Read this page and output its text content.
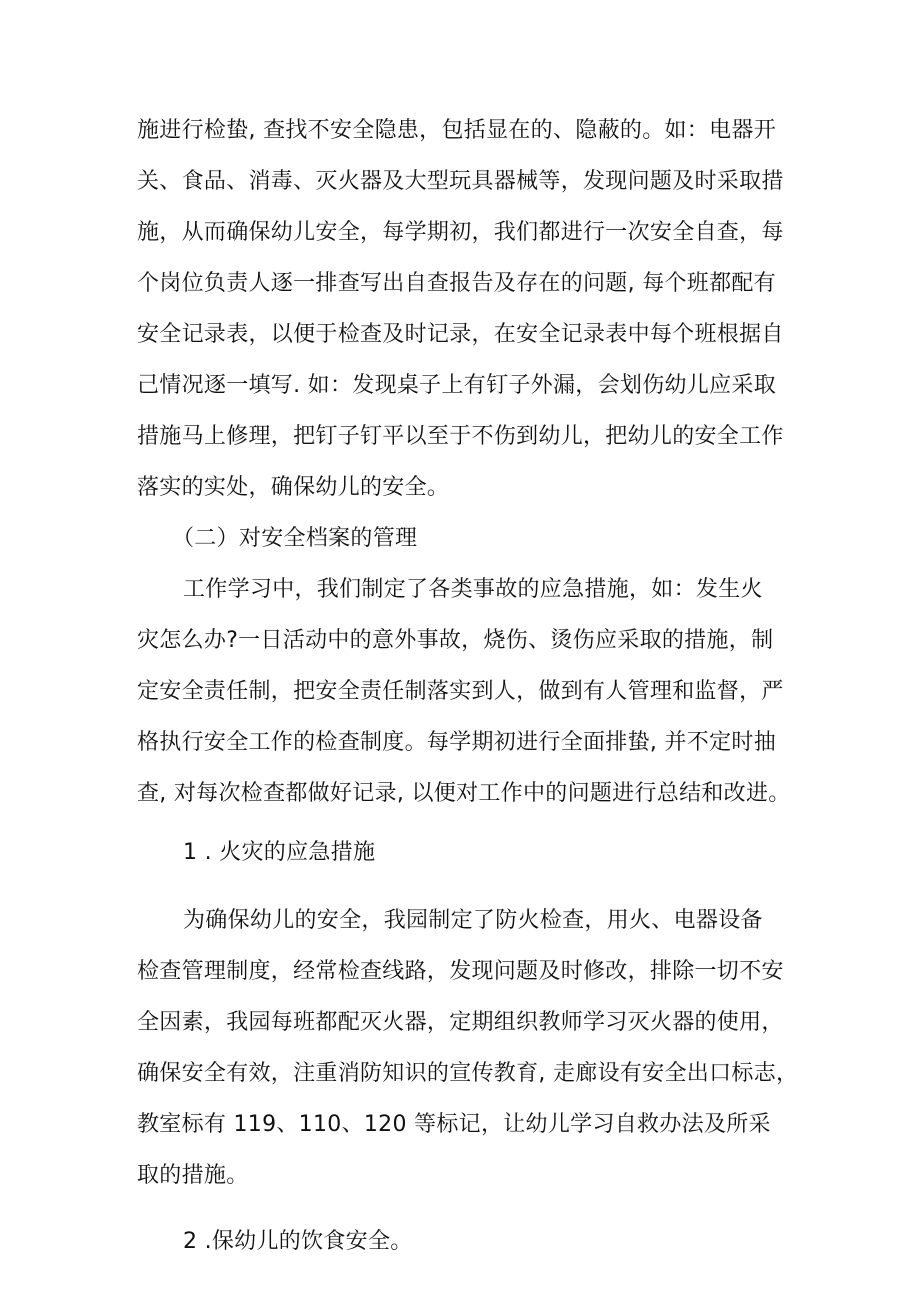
施进行检蛰, 查找不安全隐患，包括显在的、隐蔽的。如：电器开
关、食品、消毒、灭火器及大型玩具器械等，发现问题及时采取措
施，从而确保幼儿安全，每学期初，我们都进行一次安全自查，每
个岗位负责人逐一排查写出自查报告及存在的问题, 每个班都配有
安全记录表，以便于检查及时记录，在安全记录表中每个班根据自
己情况逐一填写. 如：发现桌子上有钉子外漏，会划伤幼儿应采取
措施马上修理，把钉子钉平以至于不伤到幼儿，把幼儿的安全工作
落实的实处，确保幼儿的安全。
（二）对安全档案的管理
工作学习中，我们制定了各类事故的应急措施，如：发生火
灾怎么办?一日活动中的意外事故，烧伤、烫伤应采取的措施，制
定安全责任制，把安全责任制落实到人，做到有人管理和监督，严
格执行安全工作的检查制度。每学期初进行全面排蛰, 并不定时抽
查, 对每次检查都做好记录, 以便对工作中的问题进行总结和改进。
1 . 火灾的应急措施
为确保幼儿的安全，我园制定了防火检查，用火、电器设备
检查管理制度，经常检查线路，发现问题及时修改，排除一切不安
全因素，我园每班都配灭火器，定期组织教师学习灭火器的使用，
确保安全有效，注重消防知识的宣传教育, 走廊设有安全出口标志，
教室标有 119、110、120 等标记，让幼儿学习自救办法及所采
取的措施。
2 .保幼儿的饮食安全。
